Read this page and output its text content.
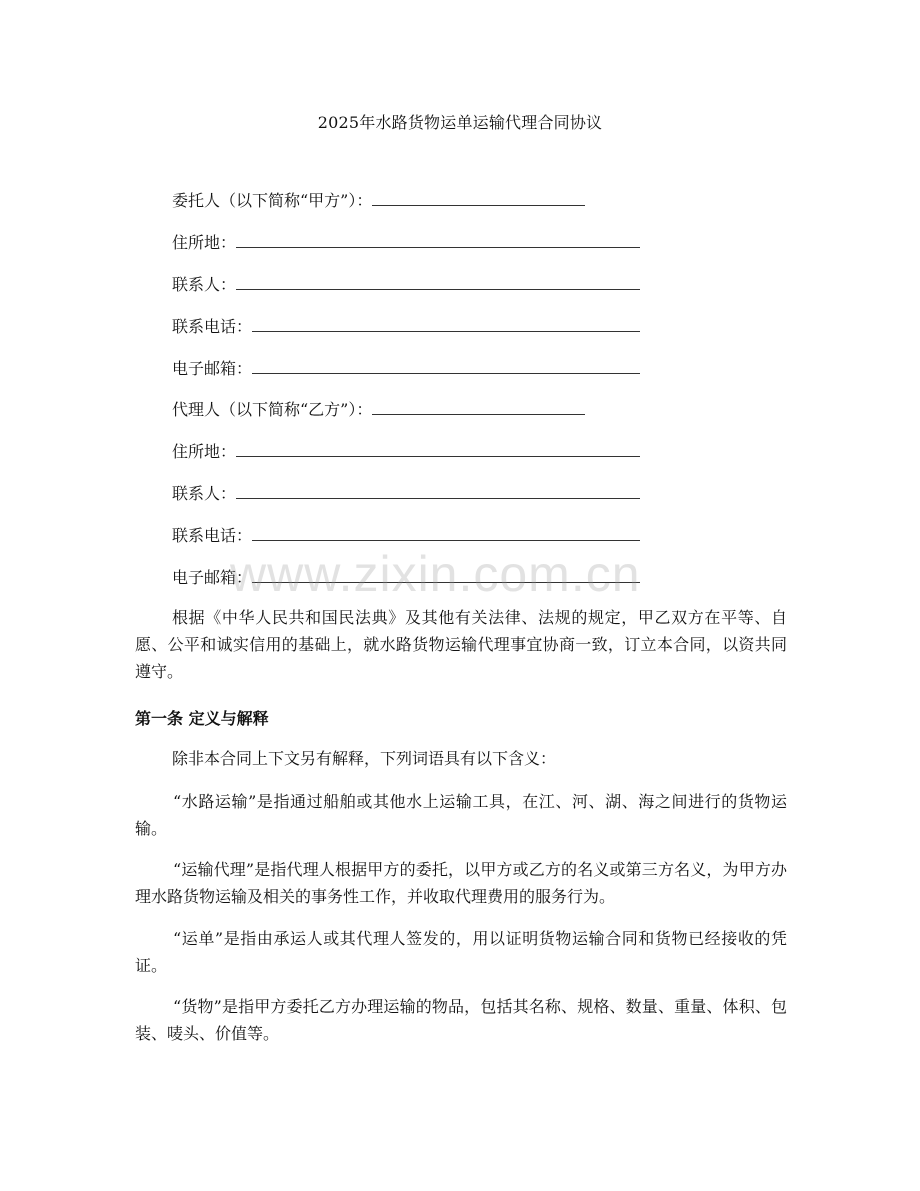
2025年水路货物运单运输代理合同协议
委托人（以下简称“甲方”）：
住所地：
联系人：
联系电话：
电子邮箱：
代理人（以下简称“乙方”）：
住所地：
联系人：
联系电话：
电子邮箱：
www.zixin.com.cn

根据《中华人民共和国民法典》及其他有关法律、法规的规定，甲乙双方在平等、自愿、公平和诚实信用的基础上，就水路货物运输代理事宜协商一致，订立本合同，以资共同遵守。

第一条 定义与解释

除非本合同上下文另有解释，下列词语具有以下含义：

“水路运输”是指通过船舶或其他水上运输工具，在江、河、湖、海之间进行的货物运输。

“运输代理”是指代理人根据甲方的委托，以甲方或乙方的名义或第三方名义，为甲方办理水路货物运输及相关的事务性工作，并收取代理费用的服务行为。

“运单”是指由承运人或其代理人签发的，用以证明货物运输合同和货物已经接收的凭证。

“货物”是指甲方委托乙方办理运输的物品，包括其名称、规格、数量、重量、体积、包装、唛头、价值等。
